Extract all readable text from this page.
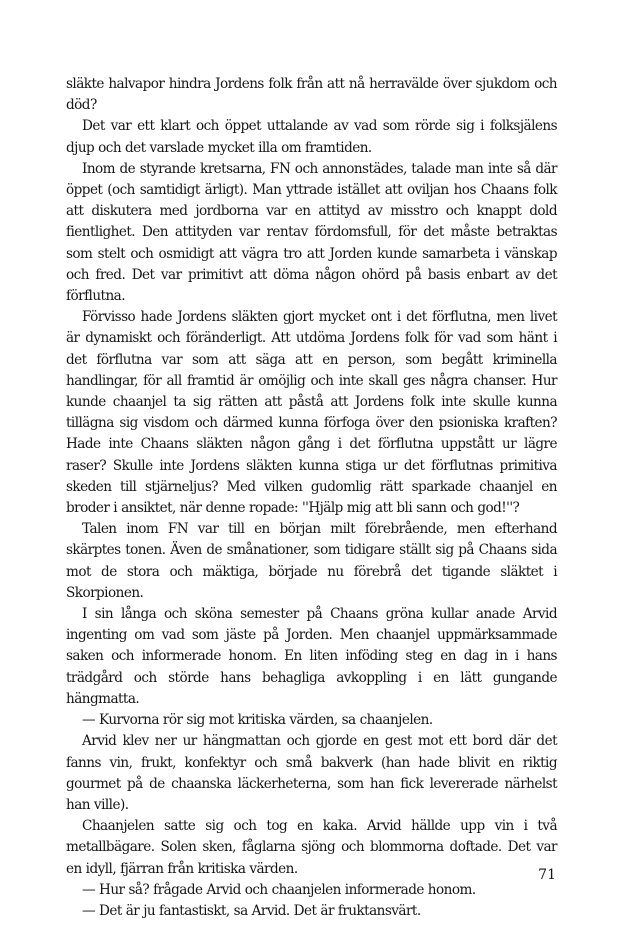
släkte halvapor hindra Jordens folk från att nå herravälde över sjukdom och död?

Det var ett klart och öppet uttalande av vad som rörde sig i folksjälens djup och det varslade mycket illa om framtiden.

Inom de styrande kretsarna, FN och annonstädes, talade man inte så där öppet (och samtidigt ärligt). Man yttrade istället att oviljan hos Chaans folk att diskutera med jordborna var en attityd av misstro och knappt dold fientlighet. Den attityden var rentav fördomsfull, för det måste betraktas som stelt och osmidigt att vägra tro att Jorden kunde samarbeta i vänskap och fred. Det var primitivt att döma någon ohörd på basis enbart av det förflutna.

Förvisso hade Jordens släkten gjort mycket ont i det förflutna, men livet är dynamiskt och föränderligt. Att utdöma Jordens folk för vad som hänt i det förflutna var som att säga att en person, som begått kriminella handlingar, för all framtid är omöjlig och inte skall ges några chanser. Hur kunde chaanjel ta sig rätten att påstå att Jordens folk inte skulle kunna tillägna sig visdom och därmed kunna förfoga över den psioniska kraften? Hade inte Chaans släkten någon gång i det förflutna uppstått ur lägre raser? Skulle inte Jordens släkten kunna stiga ur det förflutnas primitiva skeden till stjärneljus? Med vilken gudomlig rätt sparkade chaanjel en broder i ansiktet, när denne ropade: ''Hjälp mig att bli sann och god!''?

Talen inom FN var till en början milt förebrående, men efterhand skärptes tonen. Även de smånationer, som tidigare ställt sig på Chaans sida mot de stora och mäktiga, började nu förebrå det tigande släktet i Skorpionen.

I sin långa och sköna semester på Chaans gröna kullar anade Arvid ingenting om vad som jäste på Jorden. Men chaanjel uppmärksammade saken och informerade honom. En liten inföding steg en dag in i hans trädgård och störde hans behagliga avkoppling i en lätt gungande hängmatta.

— Kurvorna rör sig mot kritiska värden, sa chaanjelen.

Arvid klev ner ur hängmattan och gjorde en gest mot ett bord där det fanns vin, frukt, konfektyr och små bakverk (han hade blivit en riktig gourmet på de chaanska läckerheterna, som han fick levererade närhelst han ville).

Chaanjelen satte sig och tog en kaka. Arvid hällde upp vin i två metallbägare. Solen sken, fåglarna sjöng och blommorna doftade. Det var en idyll, fjärran från kritiska värden.

— Hur så? frågade Arvid och chaanjelen informerade honom.

— Det är ju fantastiskt, sa Arvid. Det är fruktansvärt.

71
